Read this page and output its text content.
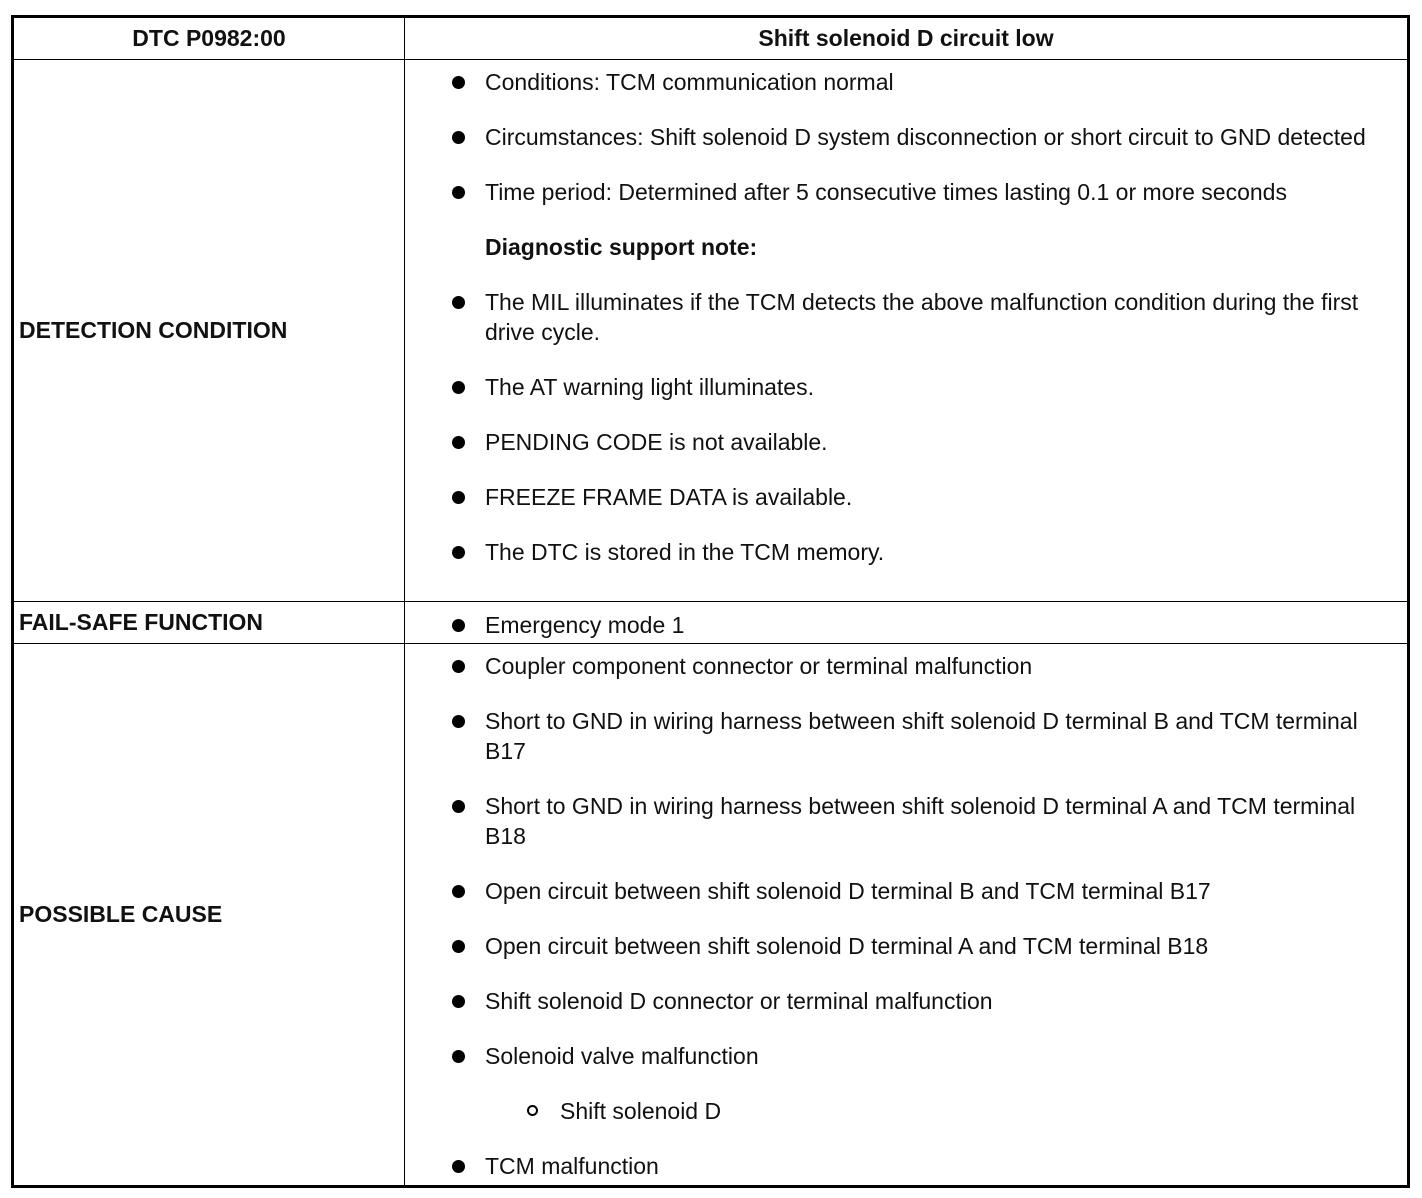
DTC P0982:00	Shift solenoid D circuit low
DETECTION CONDITION
Conditions: TCM communication normal
Circumstances: Shift solenoid D system disconnection or short circuit to GND detected
Time period: Determined after 5 consecutive times lasting 0.1 or more seconds
Diagnostic support note:
The MIL illuminates if the TCM detects the above malfunction condition during the first drive cycle.
The AT warning light illuminates.
PENDING CODE is not available.
FREEZE FRAME DATA is available.
The DTC is stored in the TCM memory.
FAIL-SAFE FUNCTION	Emergency mode 1
POSSIBLE CAUSE
Coupler component connector or terminal malfunction
Short to GND in wiring harness between shift solenoid D terminal B and TCM terminal B17
Short to GND in wiring harness between shift solenoid D terminal A and TCM terminal B18
Open circuit between shift solenoid D terminal B and TCM terminal B17
Open circuit between shift solenoid D terminal A and TCM terminal B18
Shift solenoid D connector or terminal malfunction
Solenoid valve malfunction
Shift solenoid D
TCM malfunction
